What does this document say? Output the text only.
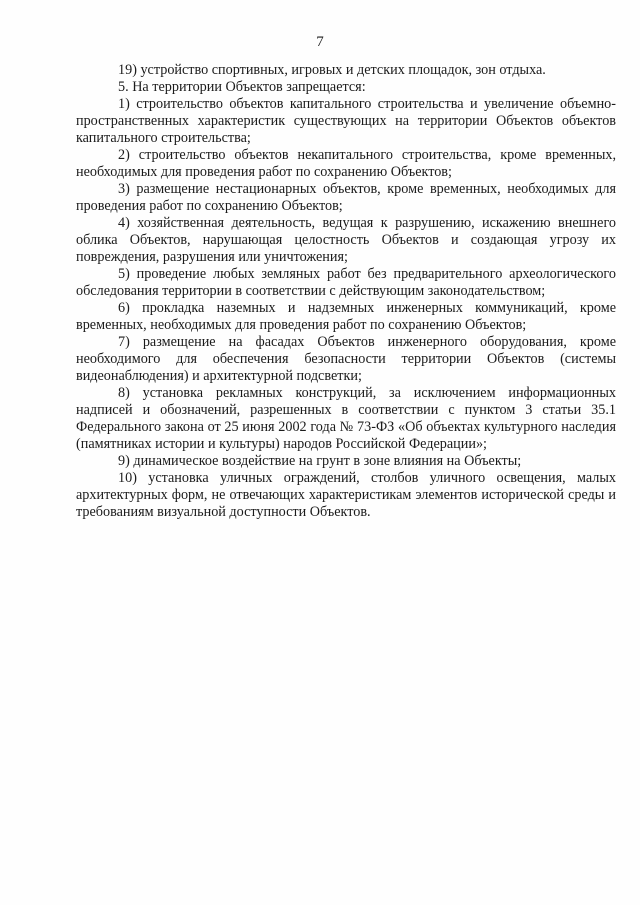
7

19) устройство спортивных, игровых и детских площадок, зон отдыха.

5. На территории Объектов запрещается:

1) строительство объектов капитального строительства и увеличение объемно-пространственных характеристик существующих на территории Объектов объектов капитального строительства;

2) строительство объектов некапитального строительства, кроме временных, необходимых для проведения работ по сохранению Объектов;

3) размещение нестационарных объектов, кроме временных, необходимых для проведения работ по сохранению Объектов;

4) хозяйственная деятельность, ведущая к разрушению, искажению внешнего облика Объектов, нарушающая целостность Объектов и создающая угрозу их повреждения, разрушения или уничтожения;

5) проведение любых земляных работ без предварительного археологического обследования территории в соответствии с действующим законодательством;

6) прокладка наземных и надземных инженерных коммуникаций, кроме временных, необходимых для проведения работ по сохранению Объектов;

7) размещение на фасадах Объектов инженерного оборудования, кроме необходимого для обеспечения безопасности территории Объектов (системы видеонаблюдения) и архитектурной подсветки;

8) установка рекламных конструкций, за исключением информационных надписей и обозначений, разрешенных в соответствии с пунктом 3 статьи 35.1 Федерального закона от 25 июня 2002 года № 73-ФЗ «Об объектах культурного наследия (памятниках истории и культуры) народов Российской Федерации»;

9) динамическое воздействие на грунт в зоне влияния на Объекты;

10) установка уличных ограждений, столбов уличного освещения, малых архитектурных форм, не отвечающих характеристикам элементов исторической среды и требованиям визуальной доступности Объектов.
